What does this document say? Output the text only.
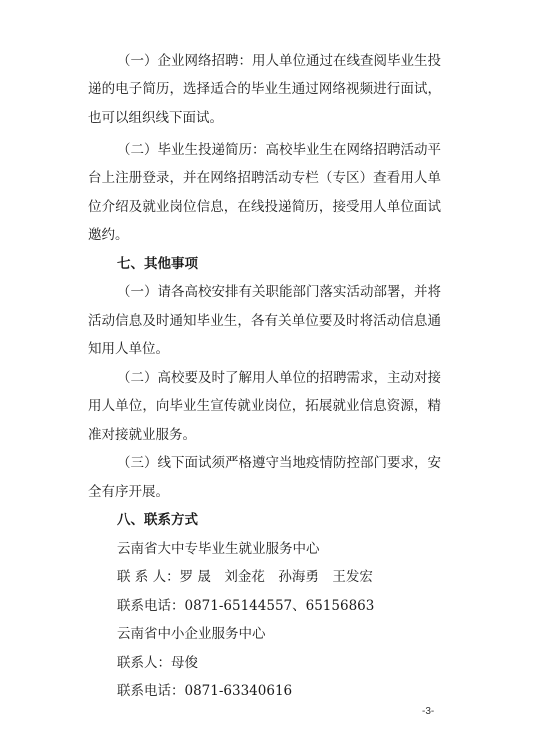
（一）企业网络招聘：用人单位通过在线查阅毕业生投
递的电子简历，选择适合的毕业生通过网络视频进行面试，
也可以组织线下面试。
（二）毕业生投递简历：高校毕业生在网络招聘活动平
台上注册登录，并在网络招聘活动专栏（专区）查看用人单
位介绍及就业岗位信息，在线投递简历，接受用人单位面试
邀约。
七、其他事项
（一）请各高校安排有关职能部门落实活动部署，并将
活动信息及时通知毕业生，各有关单位要及时将活动信息通
知用人单位。
（二）高校要及时了解用人单位的招聘需求，主动对接
用人单位，向毕业生宣传就业岗位，拓展就业信息资源，精
准对接就业服务。
（三）线下面试须严格遵守当地疫情防控部门要求，安
全有序开展。
八、联系方式
云南省大中专毕业生就业服务中心
联 系 人：罗 晟　刘金花　孙海勇　王发宏
联系电话：0871-65144557、65156863
云南省中小企业服务中心
联系人：母俊
联系电话：0871-63340616
-3-
